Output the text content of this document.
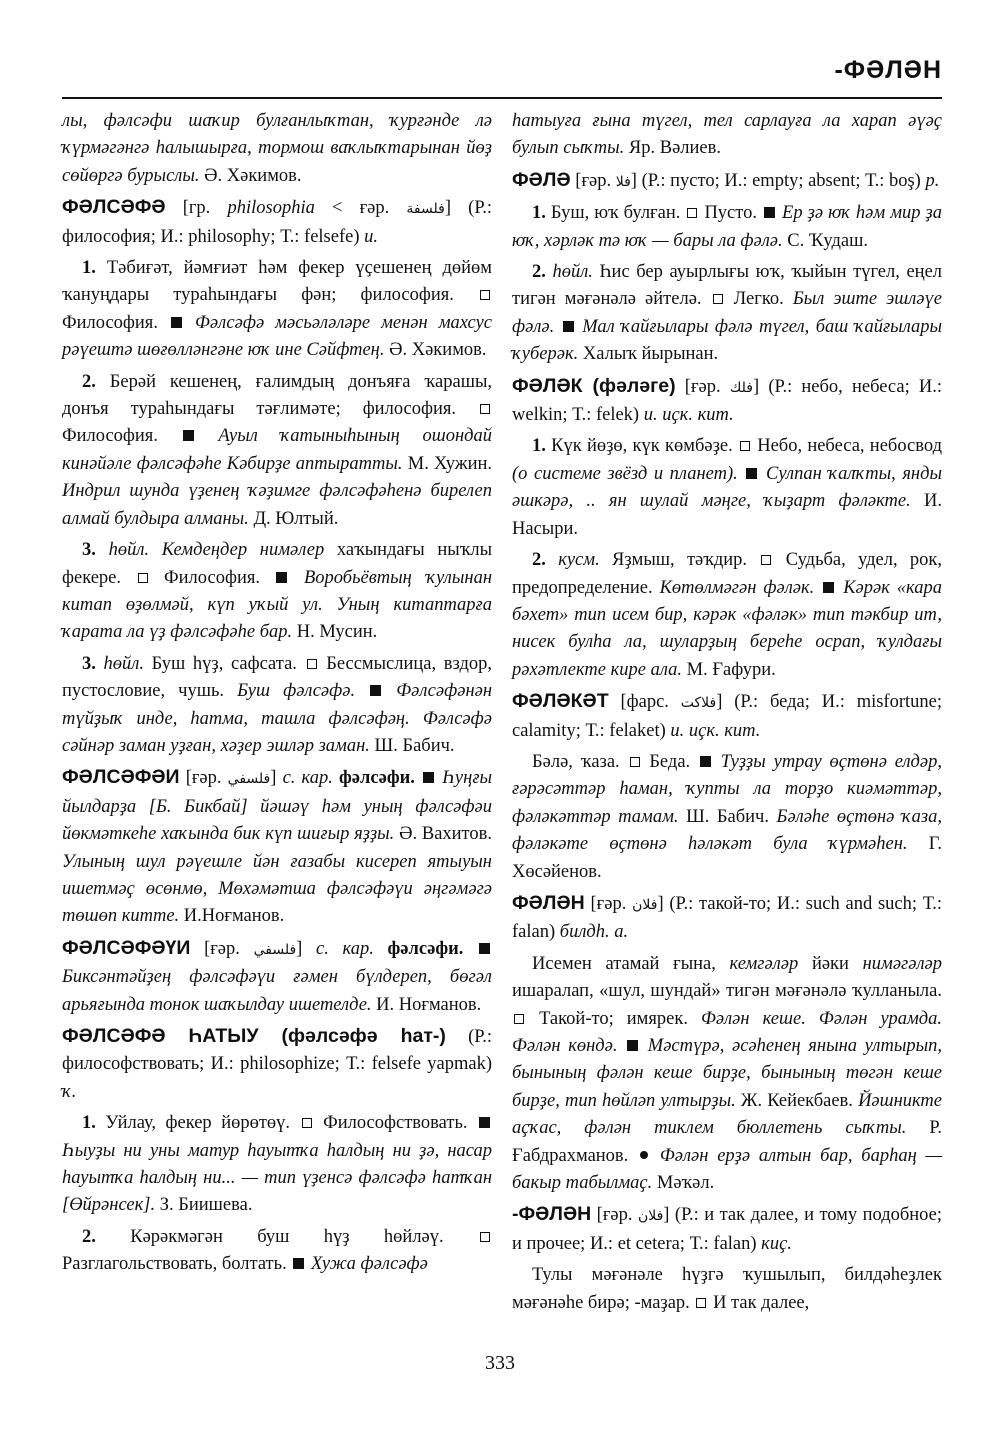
-ФӘЛӘН

лы, фәлсәфи шаҡир булғанлыҡтан, ҡурғәнде лә ҡүрмәгәнгә һалышырға, тормош ваҡлыҡтарынан йөҙ сөйөргә бурыслы. Ә. Хәкимов.

ФӘЛСӘФӘ [гр. philosophia < ғәр. فلسفة] (Р.: философия; И.: philosophy; Т.: felsefe) и.

1. Тәбиғәт, йәмғиәт һәм фекер үҫешенең дөйөм ҡануңдары тураһындағы фән; философия.  Философия. Фәлсәфә мәсьәләләре менән махсус рәүештә шөғөлләнгәне юҡ ине Сәйфтең. Ә. Хәкимов.

2. Берәй кешенең, ғалимдың донъяға ҡарашы, донъя тураһындағы тәғлимәте; философия.  Философия.	Ауыл ҡатыныһының ошондай кинәйәле фәлсәфәһе Кәбирҙе аптыратты. М. Хужин. Индрил шунда үҙенең ҡәҙимге фәлсәфәһенә бирелеп алмай булдыра алманы. Д. Юлтый.

3. һөйл. Кемдеңдер нимәлер хаҡындағы ныҡлы фекере. Философия. Воробьёвтың ҡулынан китап өҙөлмәй, күп уҡый ул. Уның китаптарға ҡарата ла үҙ фәлсәфәһе бар. Н. Мусин.

3. һөйл. Буш һүҙ, сафсата. Бессмыслица, вздор, пустословие, чушь. Буш фәлсәфә. Фәлсәфәнән түйҙыҡ инде, һатма, ташла фәлсәфәң. Фәлсәфә сәйнәр заман уҙған, хәҙер эшләр заман. Ш. Бабич.

ФӘЛСӘФӘИ [ғәр. فلسفي] с. кар. фәлсәфи. Һуңғы йылдарҙа [Б. Бикбай] йәшәү һәм уның фәлсәфәи йөкмәткеһе хаҡында бик күп шиғыр яҙҙы. Ә. Вахитов. Улының шул рәүешле йән ғазабы кисереп ятыуын ишетмәҫ өсөнмө, Мөхәмәтша фәлсәфәүи әңгәмәгә төшөп китте. И.Ноғманов.

ФӘЛСӘФӘҮИ [ғәр. فلسفي] с. кар. фәлсәфи.  Биксәнтәйҙең фәлсәфәүи ғәмен бүлдереп, бөгәл арьяғында тонок шаҡылдау ишетелде. И. Ноғманов.

ФӘЛСӘФӘ ҺАТЫУ (фәлсәфә һат-) (Р.: философствовать; И.: philosophize; Т.: felsefe yapmak) ҡ.

1. Уйлау, фекер йөрөтөү. Философствовать.  Һыуҙы ни уны матур һауытҡа һалдың ни ҙә, насар һауытҡа һалдың ни... — тип үҙенсә фәлсәфә һатҡан [Өйрәнсек]. З. Биишева.

2. Кәрәкмәгән буш һүҙ һөйләү.  Разглагольствовать, болтать. Хужа фәлсәфә

һатыуға ғына түгел, тел сарлауға ла харап әүәҫ булып сыҡты. Яр. Вәлиев.

ФӘЛӘ [ғәр. فلا] (Р.: пусто; И.: empty; absent; Т.: boş) р.

1. Буш, юҡ булған. Пусто. Ер ҙә юҡ һәм мир ҙа юҡ, хәрләк тә юҡ — бары ла фәлә. С. Ҡудаш.

2. һөйл. Һис бер ауырлығы юҡ, ҡыйын түгел, еңел тигән мәғәнәлә әйтелә. Легко. Был эште эшләүе фәлә. Мал ҡайғылары фәлә түгел, баш ҡайғылары ҡуберәк. Халыҡ йырынан.

ФӘЛӘК (фәләге) [ғәр. فلك] (Р.: небо, небеса; И.: welkin; Т.: felek) и. иҫк. кит.

1. Күк йөҙө, күк көмбәҙе. Небо, небеса, небосвод (о системе звёзд и планет). Сулпан ҡалҡты, янды әшкәрә, .. ян шулай мәңге, ҡыҙарт фәләкте. И. Насыри.

2. кусм. Яҙмыш, тәҡдир. Судьба, удел, рок, предопределение. Көтөлмәгән фәләк. Кәрәк «кара бәхет» тип исем бир, кәрәк «фәләк» тип тәкбир ит, нисек булһа ла, шуларҙың береһе осрап, ҡулдағы рәхәтлекте кире ала. М. Ғафури.

ФӘЛӘКӘТ [фарс. فلاكت] (Р.: беда; И.: misfortune; calamity; Т.: felaket) и. иҫк. кит.

Бәлә, ҡаза. Беда. Туҙҙы утрау өҫтөнә елдәр, ғәрәсәттәр һаман, ҡупты ла торҙо киәмәттәр, фәләкәттәр тамам. Ш. Бабич. Бәләһе өҫтөнә ҡаза, фәләкәте өҫтөнә һәләкәт була ҡүрмәһен. Г. Хөсәйенов.

ФӘЛӘН [ғәр. فلان] (Р.: такой-то; И.: such and such; Т.: falan) билдһ. а.

Исемен атамай ғына, кемгәләр йәки нимәгәләр ишаралап, «шул, шундай» тигән мәғәнәлә ҡулланыла.  Такой-то; имярек. Фәлән кеше. Фәлән урамда. Фәлән көндә. Мәстүрә, әсәһенең янына ултырып, бынының фәлән кеше бирҙе, бынының төгән кеше бирҙе, тип һөйләп ултырҙы. Ж. Кейекбаев. Йәшникте аҫҡас, фәлән тиклем бюллетень сыҡты. Р. Ғабдрахманов. Фәлән ерҙә алтын бар, барһаң — бакыр табылмаҫ. Мәҡәл.

-ФӘЛӘН [ғәр. فلان] (Р.: и так далее, и тому подобное; и прочее; И.: et cetera; Т.: falan) киҫ.

Тулы мәғәнәле һүҙгә ҡушылып, билдәһеҙлек мәғәнәһе бирә; -маҙар. И так далее,

333
